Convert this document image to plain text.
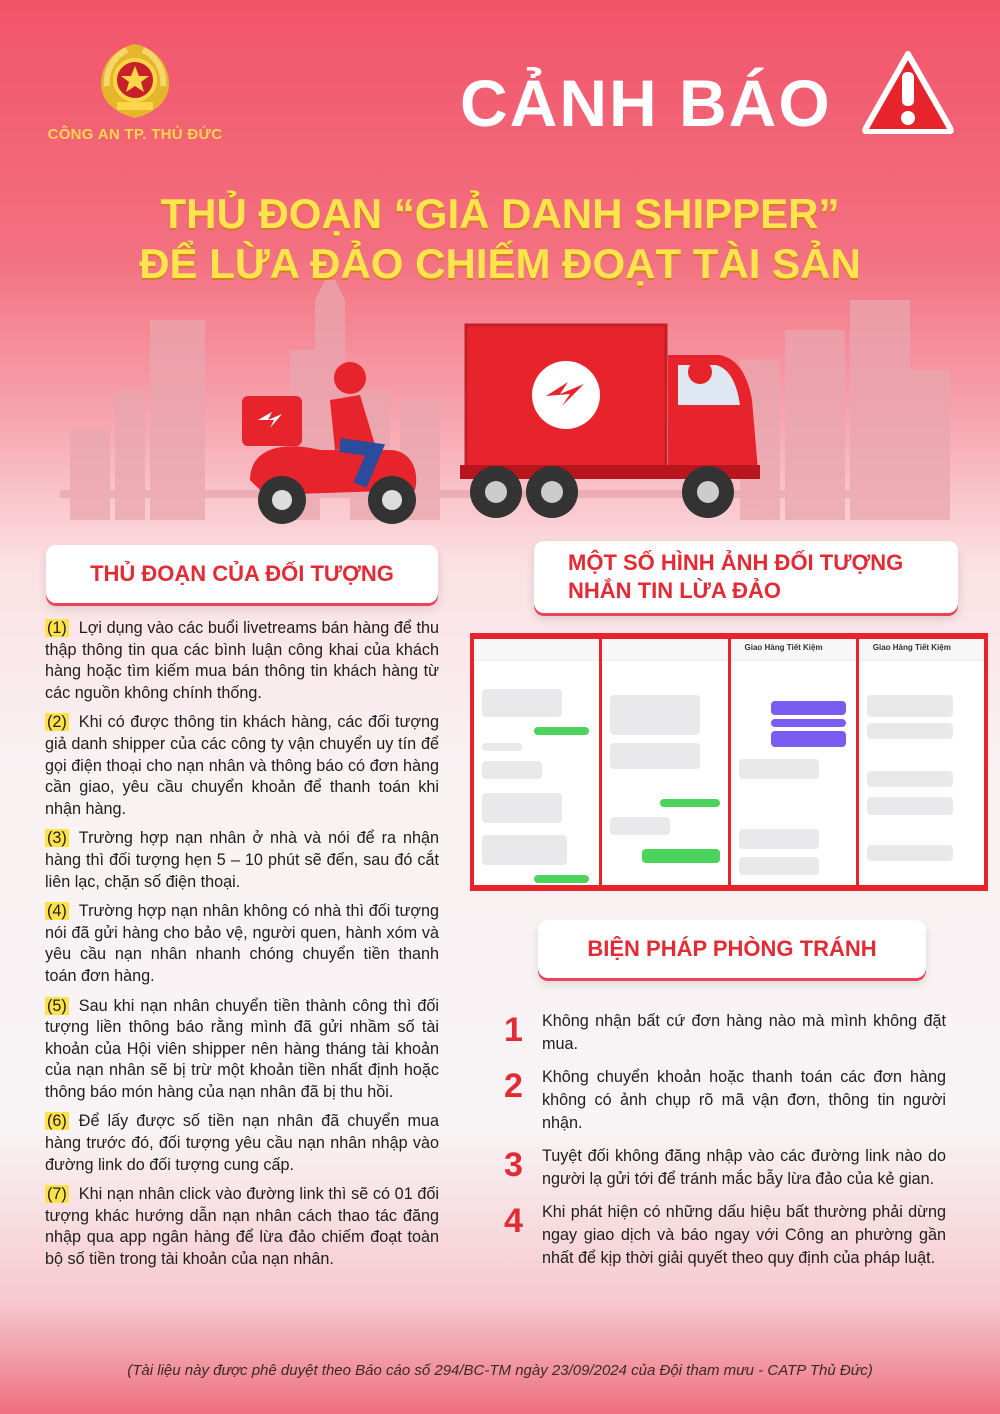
CÔNG AN TP. THỦ ĐỨC	CẢNH BÁO
THỦ ĐOẠN “GIẢ DANH SHIPPER”
ĐỂ LỪA ĐẢO CHIẾM ĐOẠT TÀI SẢN
THỦ ĐOẠN CỦA ĐỐI TƯỢNG	MỘT SỐ HÌNH ẢNH ĐỐI TƯỢNG
NHẮN TIN LỪA ĐẢO

(1) Lợi dụng vào các buổi livetreams bán hàng để thu thập thông tin qua các bình luận công khai của khách hàng hoặc tìm kiếm mua bán thông tin khách hàng từ các nguồn không chính thống.

(2) Khi có được thông tin khách hàng, các đối tượng giả danh shipper của các công ty vận chuyển uy tín để gọi điện thoại cho nạn nhân và thông báo có đơn hàng cần giao, yêu cầu chuyển khoản để thanh toán khi nhận hàng.

(3) Trường hợp nạn nhân ở nhà và nói để ra nhận hàng thì đối tượng hẹn 5 – 10 phút sẽ đến, sau đó cắt liên lạc, chặn số điện thoại.

(4) Trường hợp nạn nhân không có nhà thì đối tượng nói đã gửi hàng cho bảo vệ, người quen, hành xóm và yêu cầu nạn nhân nhanh chóng chuyển tiền thanh toán đơn hàng.

(5) Sau khi nạn nhân chuyển tiền thành công thì đối tượng liền thông báo rằng mình đã gửi nhầm số tài khoản của Hội viên shipper nên hàng tháng tài khoản của nạn nhân sẽ bị trừ một khoản tiền nhất định hoặc thông báo món hàng của nạn nhân đã bị thu hồi.

(6) Để lấy được số tiền nạn nhân đã chuyển mua hàng trước đó, đối tượng yêu cầu nạn nhân nhập vào đường link do đối tượng cung cấp.

(7) Khi nạn nhân click vào đường link thì sẽ có 01 đối tượng khác hướng dẫn nạn nhân cách thao tác đăng nhập qua app ngân hàng để lừa đảo chiếm đoạt toàn bộ số tiền trong tài khoản của nạn nhân.

Giao Hàng Tiết Kiệm	Giao Hàng Tiết Kiệm
BIỆN PHÁP PHÒNG TRÁNH
1 Không nhận bất cứ đơn hàng nào mà mình không đặt mua.
2 Không chuyển khoản hoặc thanh toán các đơn hàng không có ảnh chụp rõ mã vận đơn, thông tin người nhận.
3 Tuyệt đối không đăng nhập vào các đường link nào do người lạ gửi tới để tránh mắc bẫy lừa đảo của kẻ gian.
4 Khi phát hiện có những dấu hiệu bất thường phải dừng ngay giao dịch và báo ngay với Công an phường gần nhất để kịp thời giải quyết theo quy định của pháp luật.
(Tài liệu này được phê duyệt theo Báo cáo số 294/BC-TM ngày 23/09/2024 của Đội tham mưu - CATP Thủ Đức)
